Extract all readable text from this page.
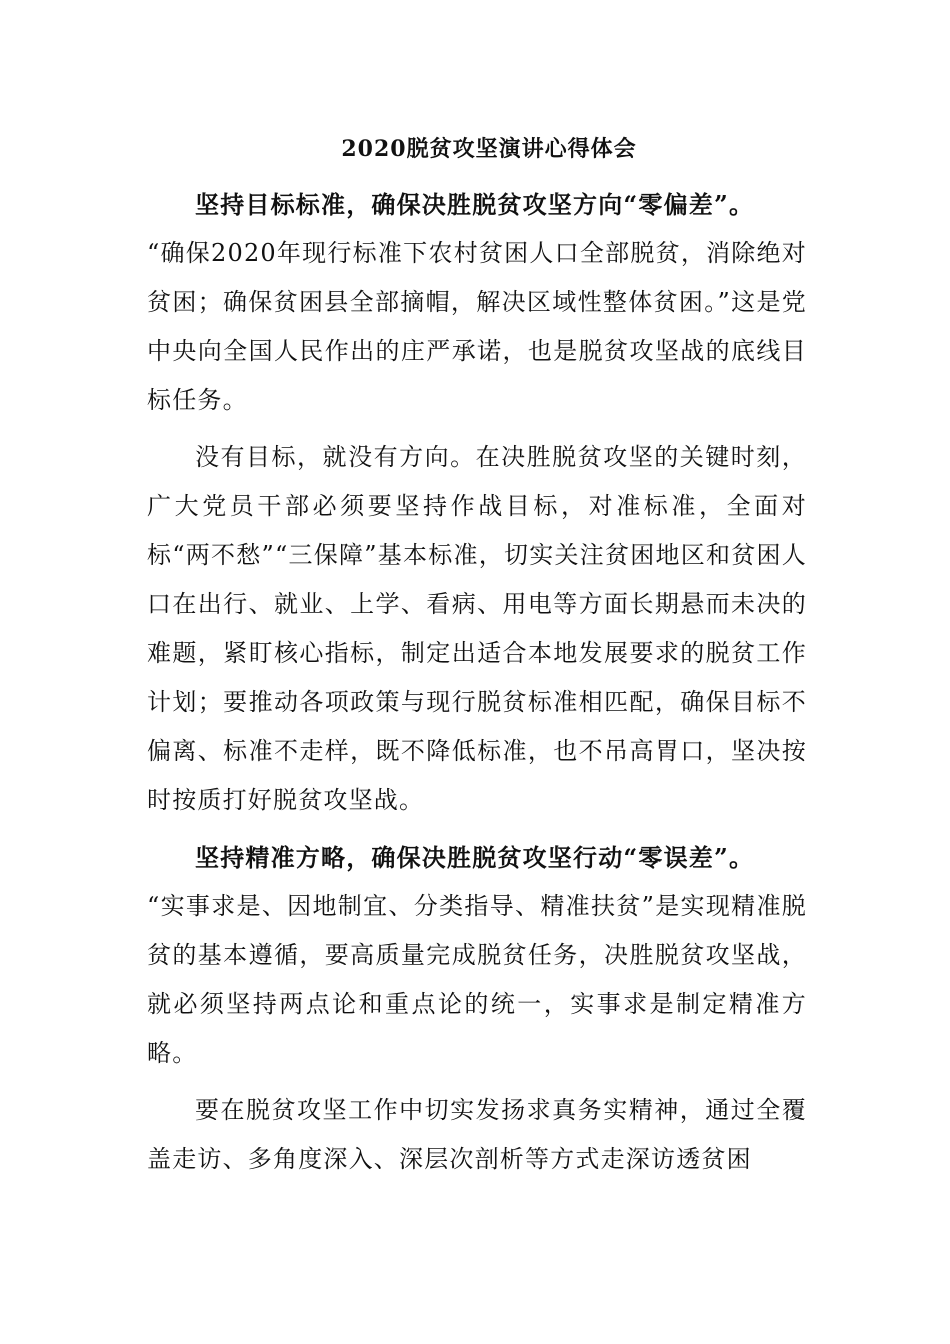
2020脱贫攻坚演讲心得体会

坚持目标标准，确保决胜脱贫攻坚方向“零偏差”。

“确保2020年现行标准下农村贫困人口全部脱贫，消除绝对贫困；确保贫困县全部摘帽，解决区域性整体贫困。”这是党中央向全国人民作出的庄严承诺，也是脱贫攻坚战的底线目标任务。

没有目标，就没有方向。在决胜脱贫攻坚的关键时刻，广大党员干部必须要坚持作战目标，对准标准，全面对标“两不愁”“三保障”基本标准，切实关注贫困地区和贫困人口在出行、就业、上学、看病、用电等方面长期悬而未决的难题，紧盯核心指标，制定出适合本地发展要求的脱贫工作计划；要推动各项政策与现行脱贫标准相匹配，确保目标不偏离、标准不走样，既不降低标准，也不吊高胃口，坚决按时按质打好脱贫攻坚战。

坚持精准方略，确保决胜脱贫攻坚行动“零误差”。

“实事求是、因地制宜、分类指导、精准扶贫”是实现精准脱贫的基本遵循，要高质量完成脱贫任务，决胜脱贫攻坚战，就必须坚持两点论和重点论的统一，实事求是制定精准方略。

要在脱贫攻坚工作中切实发扬求真务实精神，通过全覆盖走访、多角度深入、深层次剖析等方式走深访透贫困
